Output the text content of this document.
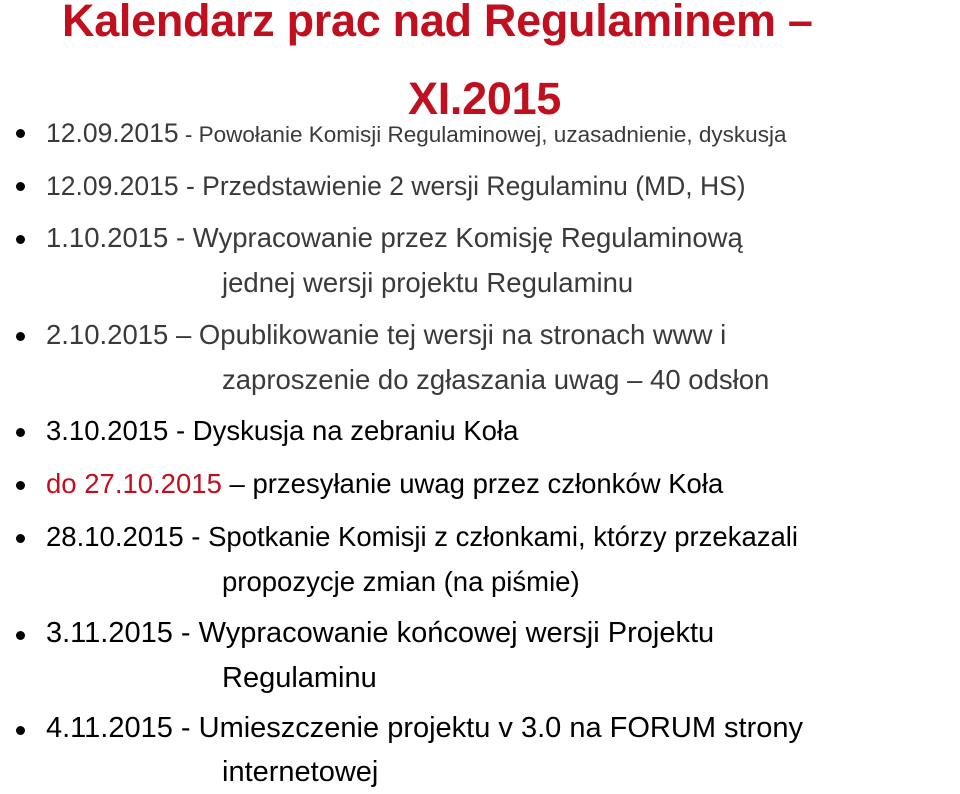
Kalendarz prac nad Regulaminem –
XI.2015
12.09.2015 - Powołanie Komisji Regulaminowej, uzasadnienie, dyskusja
12.09.2015 - Przedstawienie 2 wersji Regulaminu (MD, HS)
1.10.2015 - Wypracowanie przez Komisję Regulaminową
jednej wersji projektu Regulaminu
2.10.2015 – Opublikowanie tej wersji na stronach www i
zaproszenie do zgłaszania uwag – 40 odsłon
3.10.2015 - Dyskusja na zebraniu Koła
do 27.10.2015 – przesyłanie uwag przez członków Koła
28.10.2015 - Spotkanie Komisji z członkami, którzy przekazali
propozycje zmian (na piśmie)
3.11.2015 - Wypracowanie końcowej wersji Projektu
Regulaminu
4.11.2015 - Umieszczenie projektu v 3.0 na FORUM strony
internetowej
